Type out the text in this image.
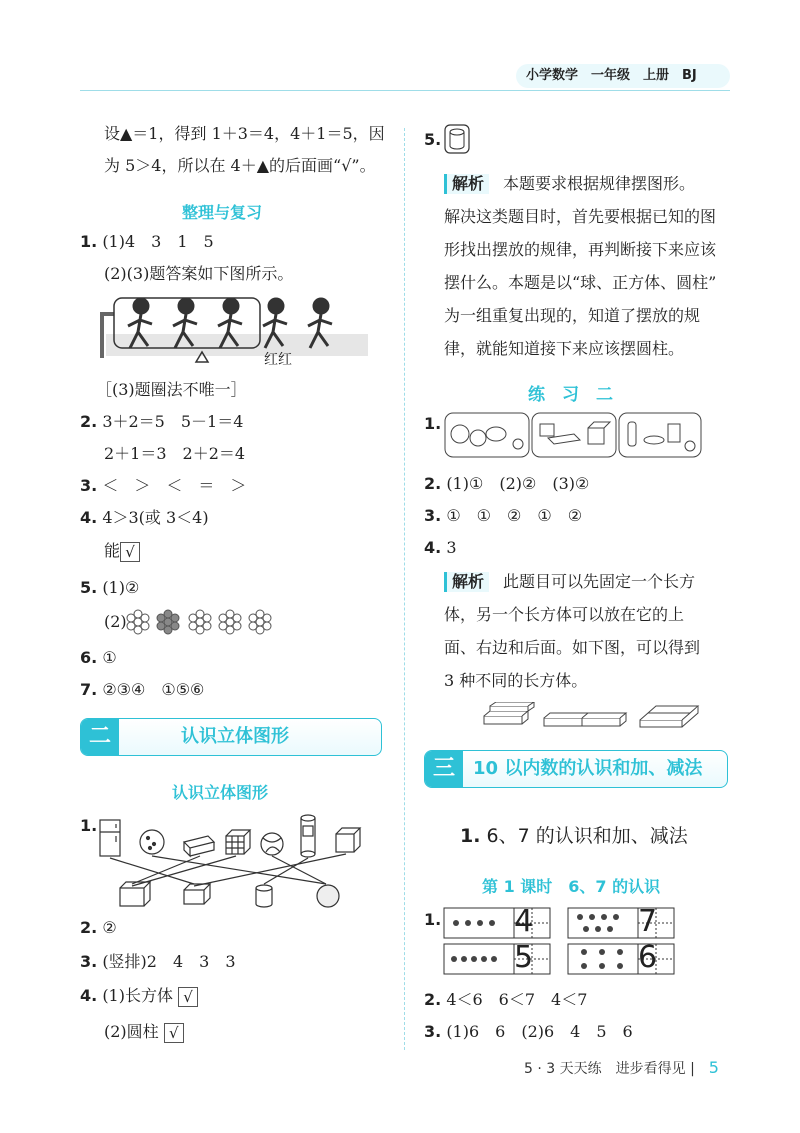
小学数学　一年级　上册　BJ
设▲＝1，得到 1＋3＝4，4＋1＝5，因
为 5＞4，所以在 4＋▲的后面画“√”。
整理与复习
1. (1)4　3　1　5
(2)(3)题答案如下图所示。
红红
［(3)题圈法不唯一］
2. 3＋2＝5　5－1＝4
2＋1＝3　2＋2＝4
3. ＜　＞　＜　＝　＞
4. 4＞3(或 3＜4)
能 √
5. (1)②
(2)
6. ①
7. ②③④　①⑤⑥
二	认识立体图形
认识立体图形
1.
2. ②
3. (竖排)2　4　3　3
4. (1)长方体 √
(2)圆柱 √
5.
解析 本题要求根据规律摆图形。
解决这类题目时，首先要根据已知的图
形找出摆放的规律，再判断接下来应该
摆什么。本题是以“球、正方体、圆柱”
为一组重复出现的，知道了摆放的规
律，就能知道接下来应该摆圆柱。
练　习　二
1.
2. (1)①　(2)②　(3)②
3. ①　①　②　①　②
4. 3
解析 此题目可以先固定一个长方
体，另一个长方体可以放在它的上
面、右边和后面。如下图，可以得到
3 种不同的长方体。
三	10 以内数的认识和加、减法
1. 6、7 的认识和加、减法
第 1 课时　6、7 的认识
1. 4	7
5	6
2. 4＜6　6＜7　4＜7
3. (1)6　6　(2)6　4　5　6
5 · 3 天天练　进步看得见 | 5
